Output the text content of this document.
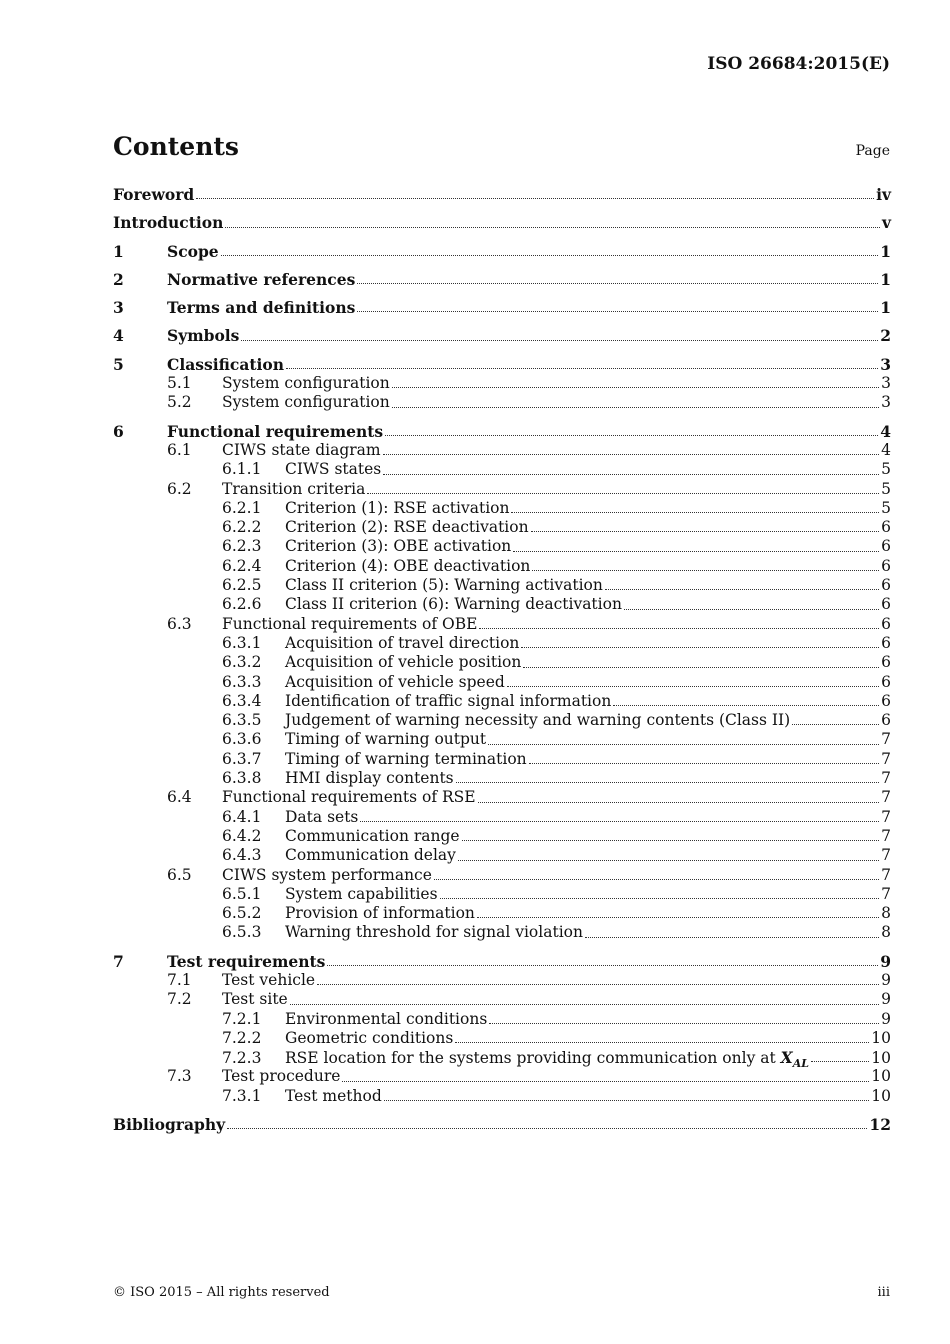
ISO 26684:2015(E)
Contents	Page
Foreword	iv
Introduction	v
1	Scope	1
2	Normative references	1
3	Terms and definitions	1
4	Symbols	2
5	Classification	3
5.1	System configuration	3
5.2	System configuration	3
6	Functional requirements	4
6.1	CIWS state diagram	4
6.1.1	CIWS states	5
6.2	Transition criteria	5
6.2.1	Criterion (1): RSE activation	5
6.2.2	Criterion (2): RSE deactivation	6
6.2.3	Criterion (3): OBE activation	6
6.2.4	Criterion (4): OBE deactivation	6
6.2.5	Class II criterion (5): Warning activation	6
6.2.6	Class II criterion (6): Warning deactivation	6
6.3	Functional requirements of OBE	6
6.3.1	Acquisition of travel direction	6
6.3.2	Acquisition of vehicle position	6
6.3.3	Acquisition of vehicle speed	6
6.3.4	Identification of traffic signal information	6
6.3.5	Judgement of warning necessity and warning contents (Class II)	6
6.3.6	Timing of warning output	7
6.3.7	Timing of warning termination	7
6.3.8	HMI display contents	7
6.4	Functional requirements of RSE	7
6.4.1	Data sets	7
6.4.2	Communication range	7
6.4.3	Communication delay	7
6.5	CIWS system performance	7
6.5.1	System capabilities	7
6.5.2	Provision of information	8
6.5.3	Warning threshold for signal violation	8
7	Test requirements	9
7.1	Test vehicle	9
7.2	Test site	9
7.2.1	Environmental conditions	9
7.2.2	Geometric conditions	10
7.2.3	RSE location for the systems providing communication only at $X_{AL}$	10
7.3	Test procedure	10
7.3.1	Test method	10
Bibliography	12
© ISO 2015 – All rights reserved	iii
